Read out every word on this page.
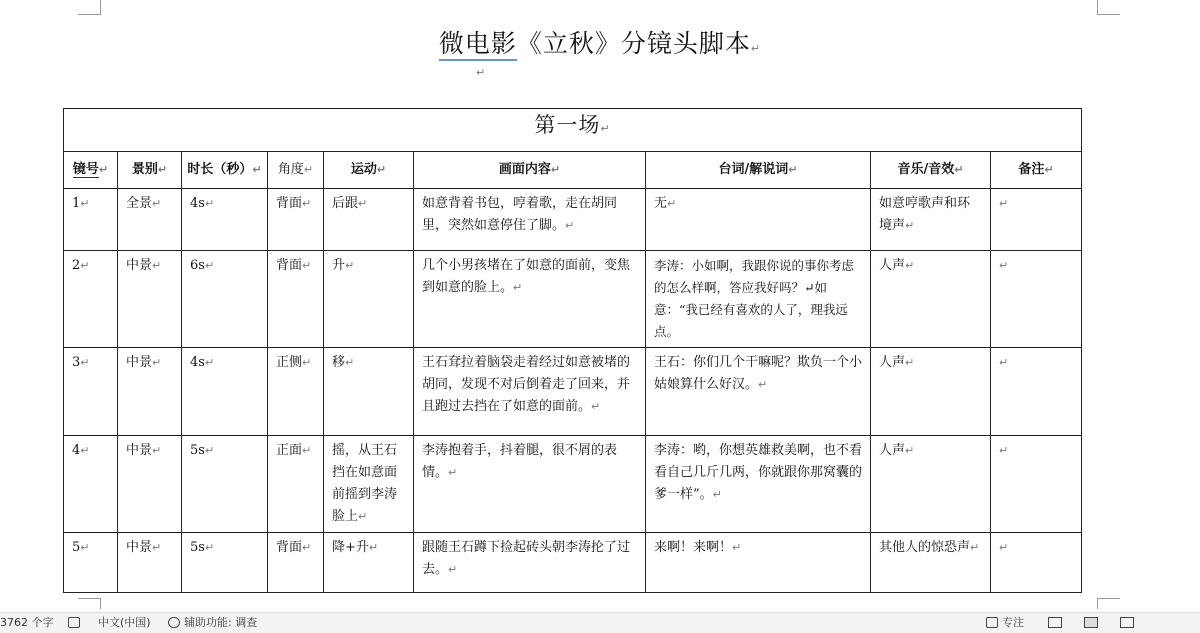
微电影《立秋》分镜头脚本↵
↵
第一场↵								
镜号↵	景别↵	时长（秒）↵	角度↵	运动↵	画面内容↵	台词/解说词↵	音乐/音效↵	备注↵
1↵	全景↵	4s↵	背面↵	后跟↵	如意背着书包，哼着歌，走在胡同里，突然如意停住了脚。↵	无↵	如意哼歌声和环境声↵	↵
2↵	中景↵	6s↵	背面↵	升↵	几个小男孩堵在了如意的面前，变焦到如意的脸上。↵	李涛：小如啊，我跟你说的事你考虑的怎么样啊，答应我好吗？↵如意：“我已经有喜欢的人了，理我远点。	人声↵	↵
3↵	中景↵	4s↵	正侧↵	移↵	王石耷拉着脑袋走着经过如意被堵的胡同，发现不对后倒着走了回来，并且跑过去挡在了如意的面前。↵	王石：你们几个干嘛呢？欺负一个小姑娘算什么好汉。↵	人声↵	↵
4↵	中景↵	5s↵	正面↵	摇，从王石挡在如意面前摇到李涛脸上↵	李涛抱着手，抖着腿，很不屑的表情。↵	李涛：哟，你想英雄救美啊，也不看看自己几斤几两，你就跟你那窝囊的爹一样”。↵	人声↵	↵
5↵	中景↵	5s↵	背面↵	降+升↵	跟随王石蹲下捡起砖头朝李涛抡了过去。↵	来啊！来啊！↵	其他人的惊恐声↵	↵
3762 个字	中文(中国)	辅助功能: 调查	专注
